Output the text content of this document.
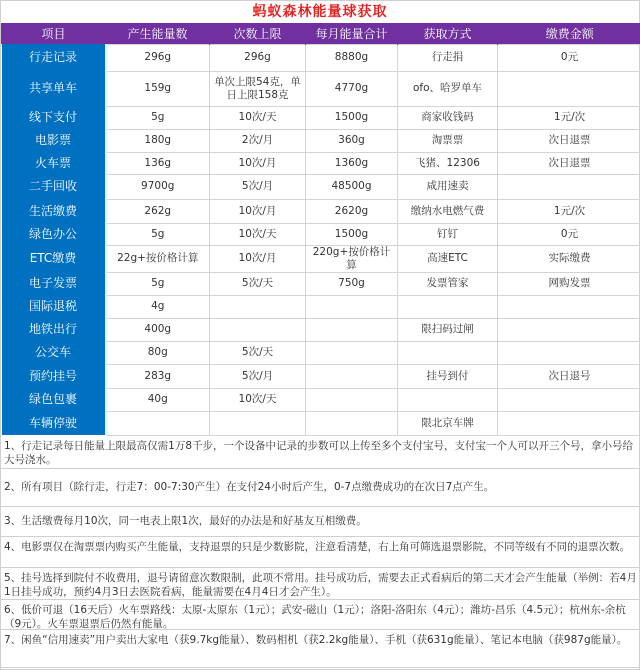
蚂蚁森林能量球获取
项目	产生能量数	次数上限	每月能量合计	获取方式	缴费金额
行走记录	296g	296g	8880g	行走捐	0元
共享单车	159g	单次上限54克，单日上限158克	4770g	ofo、哈罗单车	
线下支付	5g	10次/天	1500g	商家收钱码	1元/次
电影票	180g	2次/月	360g	淘票票	次日退票
火车票	136g	10次/月	1360g	飞猪、12306	次日退票
二手回收	9700g	5次/月	48500g	咸用速卖	
生活缴费	262g	10次/月	2620g	缴纳水电燃气费	1元/次
绿色办公	5g	10次/天	1500g	钉钉	0元
ETC缴费	22g+按价格计算	10次/月	220g+按价格计算	高速ETC	实际缴费
电子发票	5g	5次/天	750g	发票管家	网购发票
国际退税	4g				
地铁出行	400g			限扫码过闸	
公交车	80g	5次/天			
预约挂号	283g	5次/月		挂号到付	次日退号
绿色包裹	40g	10次/天			
车辆停驶				限北京车牌	
1、行走记录每日能量上限最高仅需1万8千步，一个设备中记录的步数可以上传至多个支付宝号，支付宝一个人可以开三个号，拿小号给大号浇水。
2、所有项目（除行走，行走7：00-7:30产生）在支付24小时后产生，0-7点缴费成功的在次日7点产生。
3、生活缴费每月10次，同一电表上限1次，最好的办法是和好基友互相缴费。
4、电影票仅在淘票票内购买产生能量，支持退票的只是少数影院，注意看清楚，右上角可筛选退票影院，不同等级有不同的退票次数。
5、挂号选择到院付不收费用，退号请留意次数限制，此项不常用。挂号成功后，需要去正式看病后的第二天才会产生能量（举例：若4月1日挂号成功，预约4月3日去医院看病，能量需要在4月4日才会产生）。
6、低价可退（16天后）火车票路线：太原-太原东（1元）；武安-磁山（1元）；洛阳-洛阳东（4元）；潍坊-昌乐（4.5元）；杭州东-余杭（9元）。火车票退票后仍然有能量。
7、闲鱼“信用速卖”用户卖出大家电（获9.7kg能量）、数码相机（获2.2kg能量）、手机（获631g能量）、笔记本电脑（获987g能量）。
